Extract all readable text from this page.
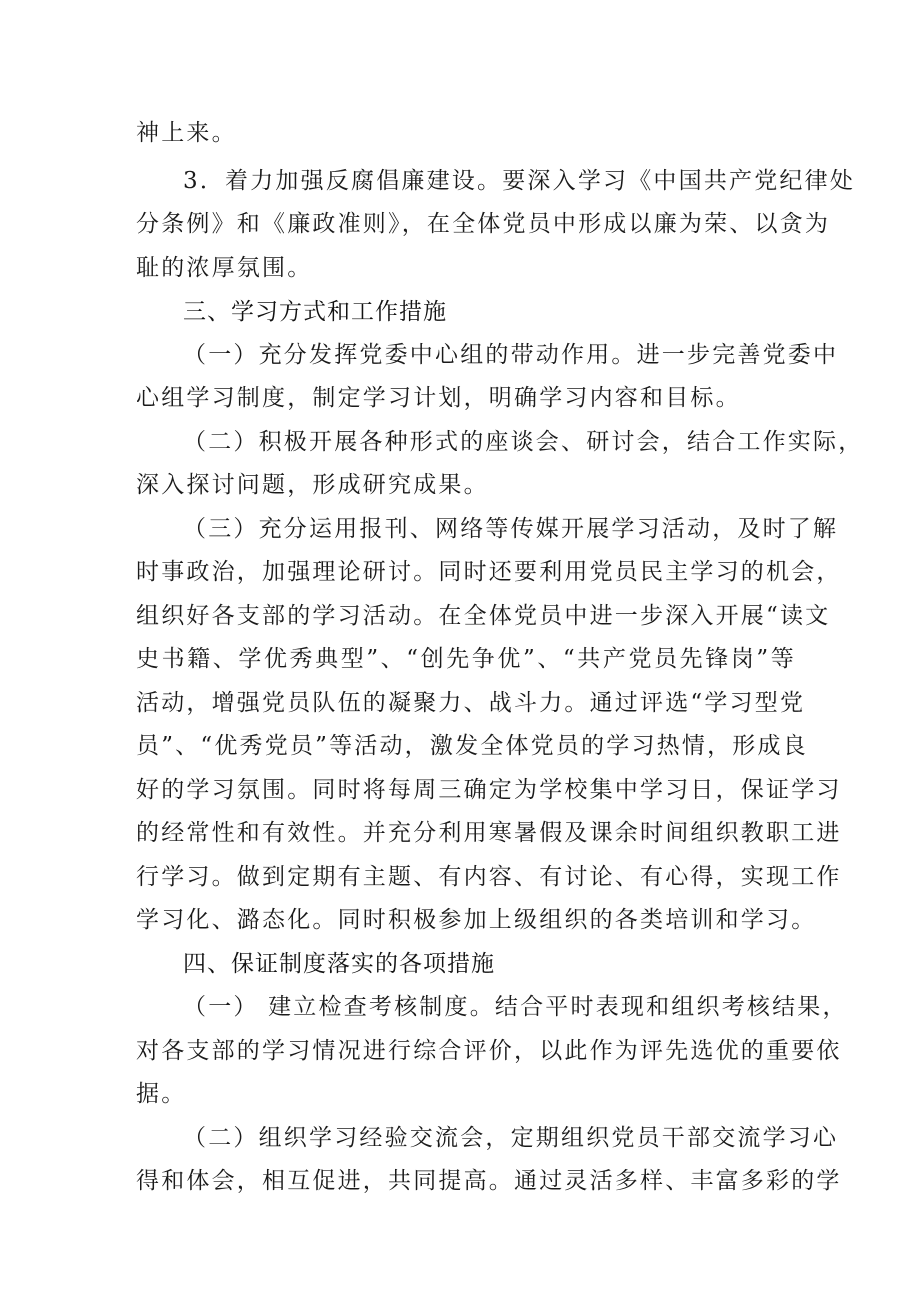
神上来。
3．着力加强反腐倡廉建设。要深入学习《中国共产党纪律处
分条例》和《廉政准则》，在全体党员中形成以廉为荣、以贪为
耻的浓厚氛围。
三、学习方式和工作措施
（一）充分发挥党委中心组的带动作用。进一步完善党委中
心组学习制度，制定学习计划，明确学习内容和目标。
（二）积极开展各种形式的座谈会、研讨会，结合工作实际，
深入探讨问题，形成研究成果。
（三）充分运用报刊、网络等传媒开展学习活动，及时了解
时事政治，加强理论研讨。同时还要利用党员民主学习的机会，
组织好各支部的学习活动。在全体党员中进一步深入开展“读文
史书籍、学优秀典型”、“创先争优”、“共产党员先锋岗”等
活动，增强党员队伍的凝聚力、战斗力。通过评选“学习型党
员”、“优秀党员”等活动，激发全体党员的学习热情，形成良
好的学习氛围。同时将每周三确定为学校集中学习日，保证学习
的经常性和有效性。并充分利用寒暑假及课余时间组织教职工进
行学习。做到定期有主题、有内容、有讨论、有心得，实现工作
学习化、潞态化。同时积极参加上级组织的各类培训和学习。
四、保证制度落实的各项措施
（一） 建立检查考核制度。结合平时表现和组织考核结果，
对各支部的学习情况进行综合评价，以此作为评先选优的重要依
据。
（二）组织学习经验交流会，定期组织党员干部交流学习心
得和体会，相互促进，共同提高。通过灵活多样、丰富多彩的学
